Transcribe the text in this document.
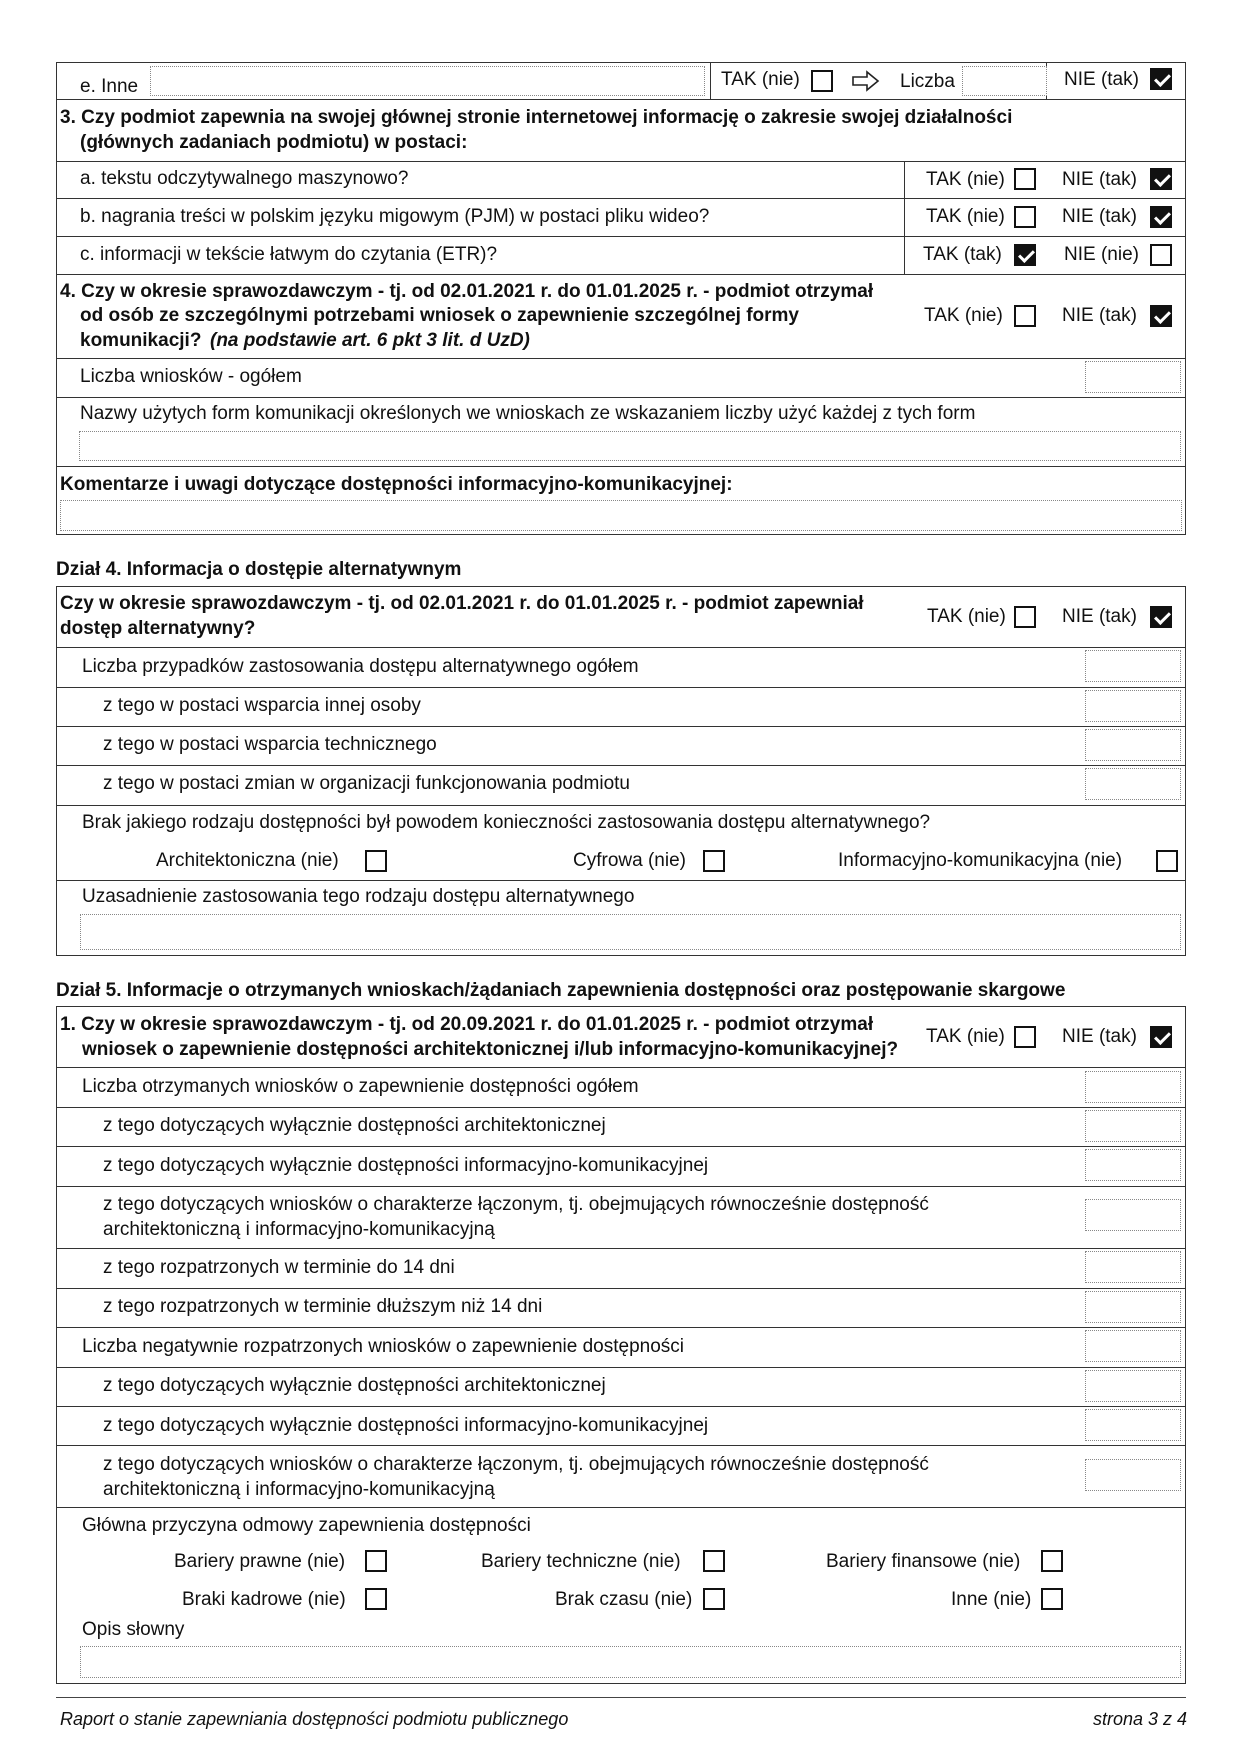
e. Inne	TAK (nie)	Liczba	NIE (tak)
3. Czy podmiot zapewnia na swojej głównej stronie internetowej informację o zakresie swojej działalności
(głównych zadaniach podmiotu) w postaci:
a. tekstu odczytywalnego maszynowo?	TAK (nie)	NIE (tak)
b. nagrania treści w polskim języku migowym (PJM) w postaci pliku wideo?	TAK (nie)	NIE (tak)
c. informacji w tekście łatwym do czytania (ETR)?	TAK (tak)	NIE (nie)
4. Czy w okresie sprawozdawczym - tj. od 02.01.2021 r. do 01.01.2025 r. - podmiot otrzymał
od osób ze szczególnymi potrzebami wniosek o zapewnienie szczególnej formy
komunikacji? (na podstawie art. 6 pkt 3 lit. d UzD)
TAK (nie)	NIE (tak)
Liczba wniosków - ogółem
Nazwy użytych form komunikacji określonych we wnioskach ze wskazaniem liczby użyć każdej z tych form
Komentarze i uwagi dotyczące dostępności informacyjno-komunikacyjnej:
Dział 4. Informacja o dostępie alternatywnym
Czy w okresie sprawozdawczym - tj. od 02.01.2021 r. do 01.01.2025 r. - podmiot zapewniał
dostęp alternatywny?
TAK (nie)	NIE (tak)
Liczba przypadków zastosowania dostępu alternatywnego ogółem
z tego w postaci wsparcia innej osoby
z tego w postaci wsparcia technicznego
z tego w postaci zmian w organizacji funkcjonowania podmiotu
Brak jakiego rodzaju dostępności był powodem konieczności zastosowania dostępu alternatywnego?
Architektoniczna (nie)	Cyfrowa (nie)	Informacyjno-komunikacyjna (nie)
Uzasadnienie zastosowania tego rodzaju dostępu alternatywnego
Dział 5. Informacje o otrzymanych wnioskach/żądaniach zapewnienia dostępności oraz postępowanie skargowe
1. Czy w okresie sprawozdawczym - tj. od 20.09.2021 r. do 01.01.2025 r. - podmiot otrzymał
wniosek o zapewnienie dostępności architektonicznej i/lub informacyjno-komunikacyjnej?
TAK (nie)	NIE (tak)
Liczba otrzymanych wniosków o zapewnienie dostępności ogółem
z tego dotyczących wyłącznie dostępności architektonicznej
z tego dotyczących wyłącznie dostępności informacyjno-komunikacyjnej
z tego dotyczących wniosków o charakterze łączonym, tj. obejmujących równocześnie dostępność
architektoniczną i informacyjno-komunikacyjną
z tego rozpatrzonych w terminie do 14 dni
z tego rozpatrzonych w terminie dłuższym niż 14 dni
Liczba negatywnie rozpatrzonych wniosków o zapewnienie dostępności
z tego dotyczących wyłącznie dostępności architektonicznej
z tego dotyczących wyłącznie dostępności informacyjno-komunikacyjnej
z tego dotyczących wniosków o charakterze łączonym, tj. obejmujących równocześnie dostępność
architektoniczną i informacyjno-komunikacyjną
Główna przyczyna odmowy zapewnienia dostępności
Bariery prawne (nie)	Bariery techniczne (nie)	Bariery finansowe (nie)
Braki kadrowe (nie)	Brak czasu (nie)	Inne (nie)
Opis słowny
Raport o stanie zapewniania dostępności podmiotu publicznego	strona 3 z 4
